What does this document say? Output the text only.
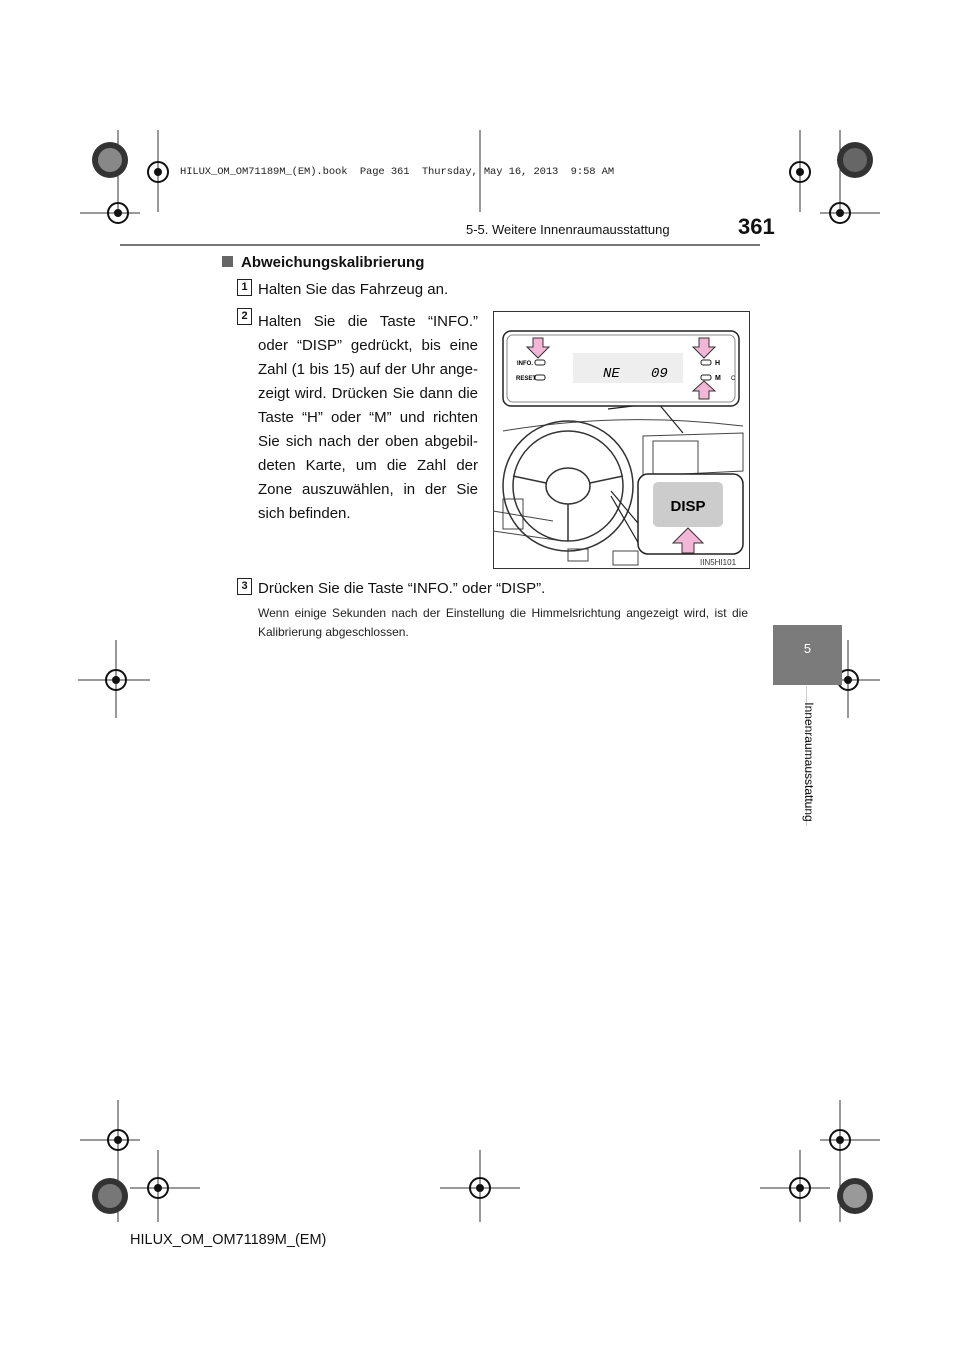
HILUX_OM_OM71189M_(EM).book  Page 361  Thursday, May 16, 2013  9:58 AM
5-5. Weitere Innenraumausstattung	361
5
Innenraumausstattung
Abweichungskalibrierung
1 Halten Sie das Fahrzeug an.
2 Halten Sie die Taste “INFO.” oder “DISP” gedrückt, bis eine Zahl (1 bis 15) auf der Uhr ange-zeigt wird. Drücken Sie dann die Taste “H” oder “M” und richten Sie sich nach der oben abgebil-deten Karte, um die Zahl der Zone auszuwählen, in der Sie sich befinden.
3 Drücken Sie die Taste “INFO.” oder “DISP”.
Wenn einige Sekunden nach der Einstellung die Himmelsrichtung angezeigt wird, ist die Kalibrierung abgeschlossen.
INFO.
RESET	NE 09
H
M C
DISP
IIN5HI101
HILUX_OM_OM71189M_(EM)
